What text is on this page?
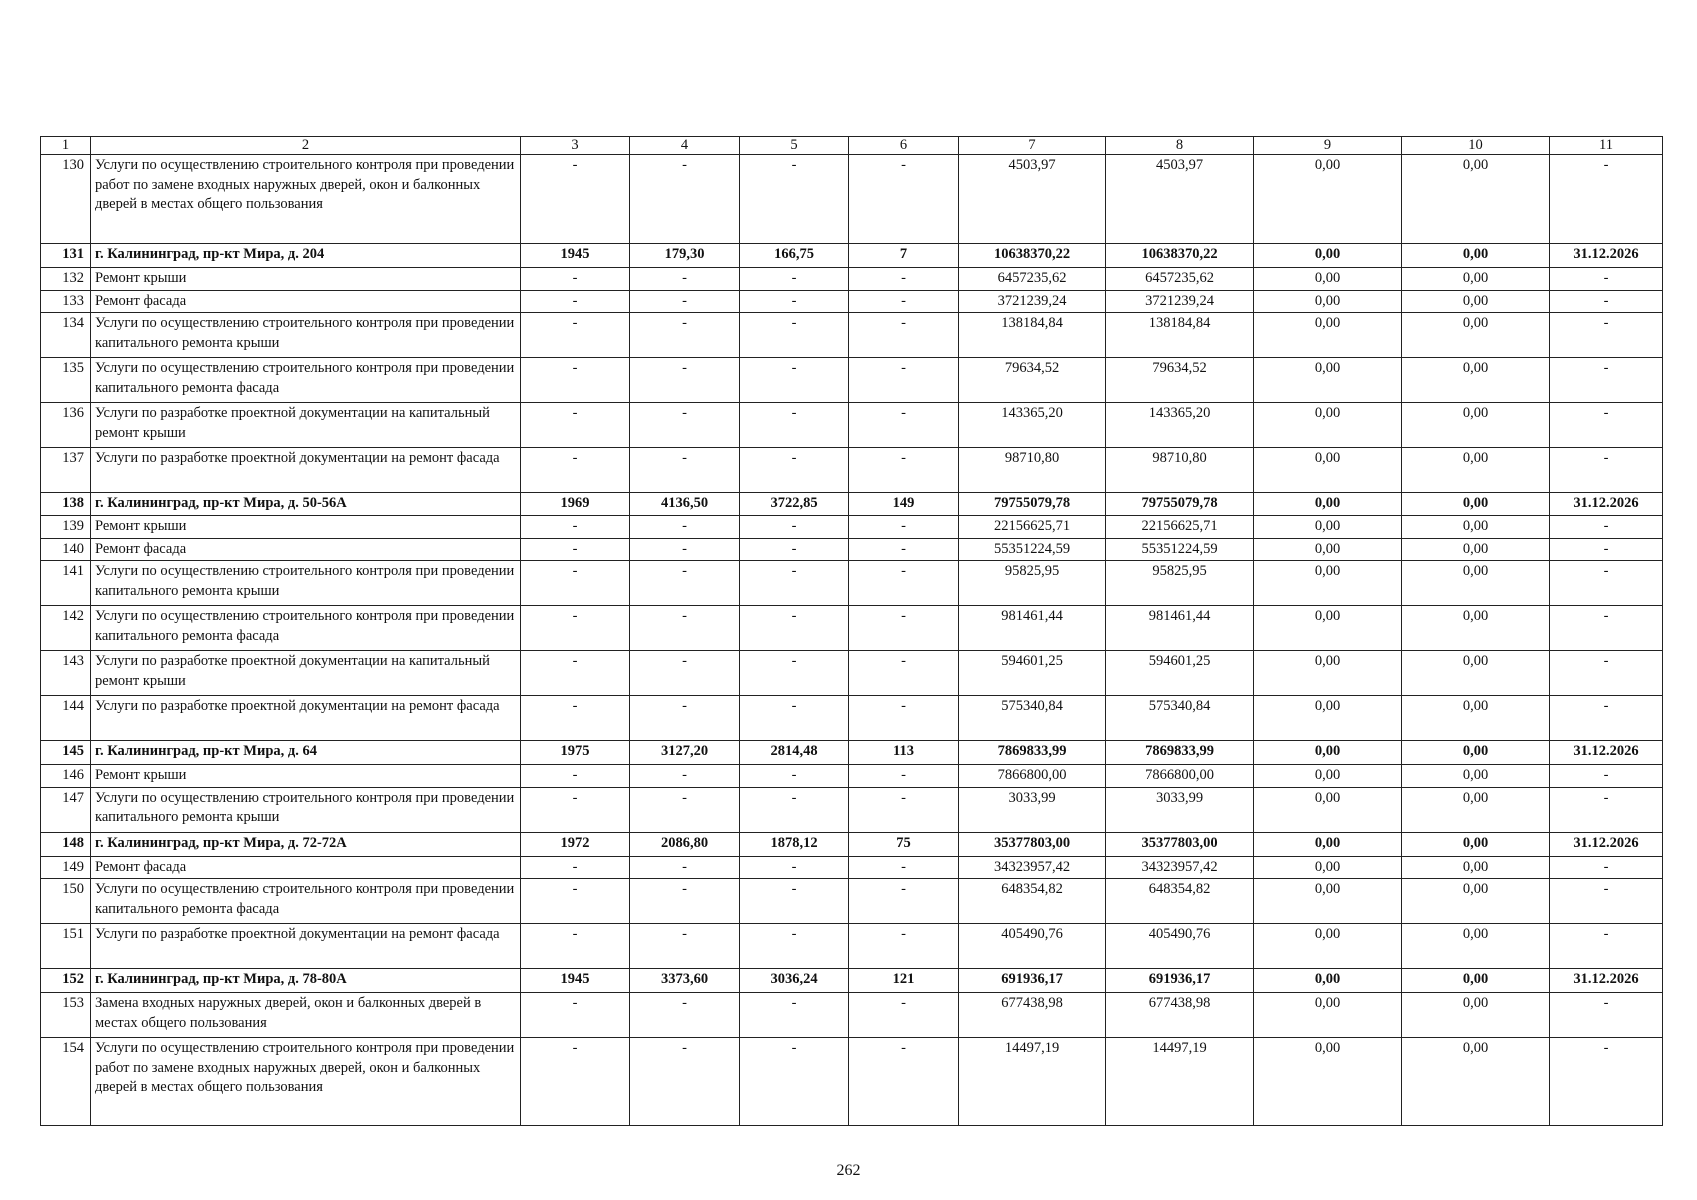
1	2	3	4	5	6	7	8	9	10	11
130	Услуги по осуществлению строительного контроля при проведении работ по замене входных наружных дверей, окон и балконных дверей в местах общего пользования	-	-	-	-	4503,97	4503,97	0,00	0,00	-
131	г. Калининград, пр-кт Мира, д. 204	1945	179,30	166,75	7	10638370,22	10638370,22	0,00	0,00	31.12.2026
132	Ремонт крыши	-	-	-	-	6457235,62	6457235,62	0,00	0,00	-
133	Ремонт фасада	-	-	-	-	3721239,24	3721239,24	0,00	0,00	-
134	Услуги по осуществлению строительного контроля при проведении капитального ремонта крыши	-	-	-	-	138184,84	138184,84	0,00	0,00	-
135	Услуги по осуществлению строительного контроля при проведении капитального ремонта фасада	-	-	-	-	79634,52	79634,52	0,00	0,00	-
136	Услуги по разработке проектной документации на капитальный ремонт крыши	-	-	-	-	143365,20	143365,20	0,00	0,00	-
137	Услуги по разработке проектной документации на ремонт фасада	-	-	-	-	98710,80	98710,80	0,00	0,00	-
138	г. Калининград, пр-кт Мира, д. 50-56А	1969	4136,50	3722,85	149	79755079,78	79755079,78	0,00	0,00	31.12.2026
139	Ремонт крыши	-	-	-	-	22156625,71	22156625,71	0,00	0,00	-
140	Ремонт фасада	-	-	-	-	55351224,59	55351224,59	0,00	0,00	-
141	Услуги по осуществлению строительного контроля при проведении капитального ремонта крыши	-	-	-	-	95825,95	95825,95	0,00	0,00	-
142	Услуги по осуществлению строительного контроля при проведении капитального ремонта фасада	-	-	-	-	981461,44	981461,44	0,00	0,00	-
143	Услуги по разработке проектной документации на капитальный ремонт крыши	-	-	-	-	594601,25	594601,25	0,00	0,00	-
144	Услуги по разработке проектной документации на ремонт фасада	-	-	-	-	575340,84	575340,84	0,00	0,00	-
145	г. Калининград, пр-кт Мира, д. 64	1975	3127,20	2814,48	113	7869833,99	7869833,99	0,00	0,00	31.12.2026
146	Ремонт крыши	-	-	-	-	7866800,00	7866800,00	0,00	0,00	-
147	Услуги по осуществлению строительного контроля при проведении капитального ремонта крыши	-	-	-	-	3033,99	3033,99	0,00	0,00	-
148	г. Калининград, пр-кт Мира, д. 72-72А	1972	2086,80	1878,12	75	35377803,00	35377803,00	0,00	0,00	31.12.2026
149	Ремонт фасада	-	-	-	-	34323957,42	34323957,42	0,00	0,00	-
150	Услуги по осуществлению строительного контроля при проведении капитального ремонта фасада	-	-	-	-	648354,82	648354,82	0,00	0,00	-
151	Услуги по разработке проектной документации на ремонт фасада	-	-	-	-	405490,76	405490,76	0,00	0,00	-
152	г. Калининград, пр-кт Мира, д. 78-80А	1945	3373,60	3036,24	121	691936,17	691936,17	0,00	0,00	31.12.2026
153	Замена входных наружных дверей, окон и балконных дверей в местах общего пользования	-	-	-	-	677438,98	677438,98	0,00	0,00	-
154	Услуги по осуществлению строительного контроля при проведении работ по замене входных наружных дверей, окон и балконных дверей в местах общего пользования	-	-	-	-	14497,19	14497,19	0,00	0,00	-
262
